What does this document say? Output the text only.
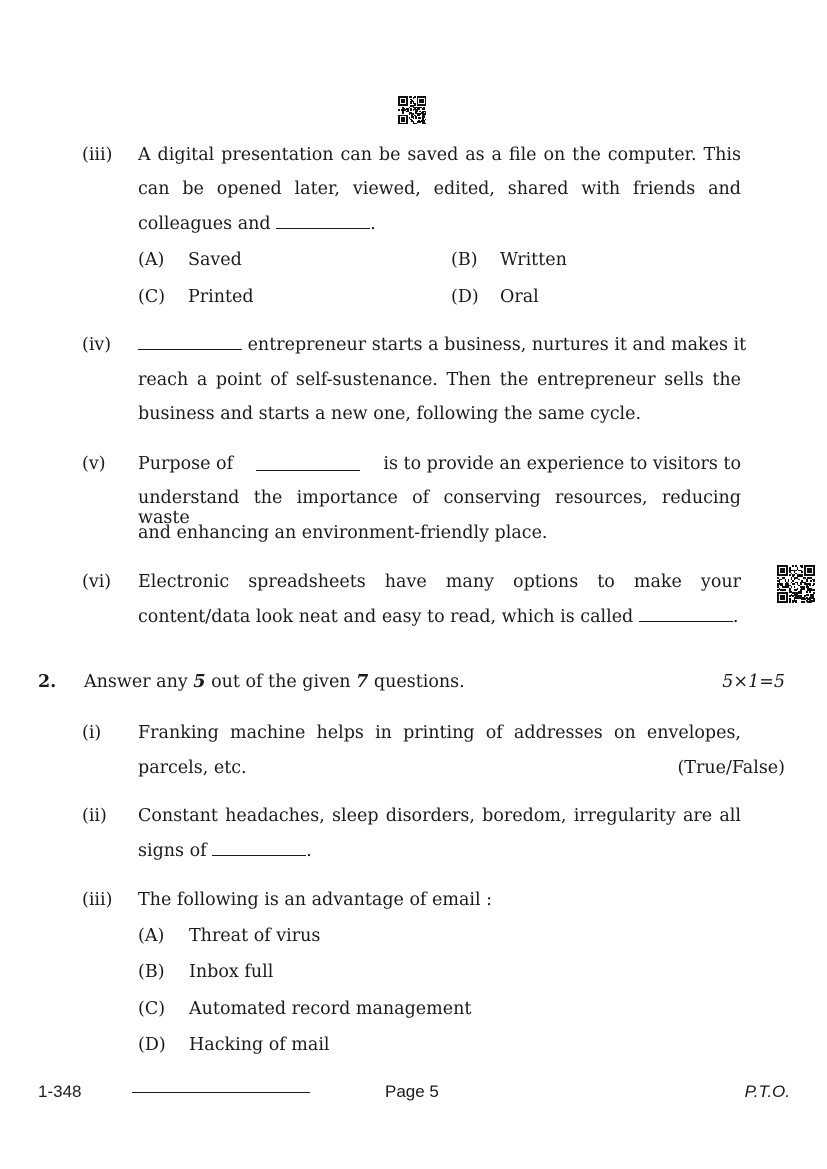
(iii) A digital presentation can be saved as a file on the computer. This
can be opened later, viewed, edited, shared with friends and
colleagues and	.
(A) Saved	(B) Written
(C) Printed	(D) Oral
(iv)	entrepreneur starts a business, nurtures it and makes it
reach a point of self-sustenance. Then the entrepreneur sells the
business and starts a new one, following the same cycle.
(v) Purpose of	is to provide an experience to visitors to
understand the importance of conserving resources, reducing waste
and enhancing an environment-friendly place.
(vi) Electronic spreadsheets have many options to make your
content/data look neat and easy to read, which is called	.
2. Answer any 5 out of the given 7 questions.	5×1=5
(i) Franking machine helps in printing of addresses on envelopes,
parcels, etc.	(True/False)
(ii) Constant headaches, sleep disorders, boredom, irregularity are all
signs of	.
(iii) The following is an advantage of email :
(A) Threat of virus
(B) Inbox full
(C) Automated record management
(D) Hacking of mail
1-348	Page 5	P.T.O.
